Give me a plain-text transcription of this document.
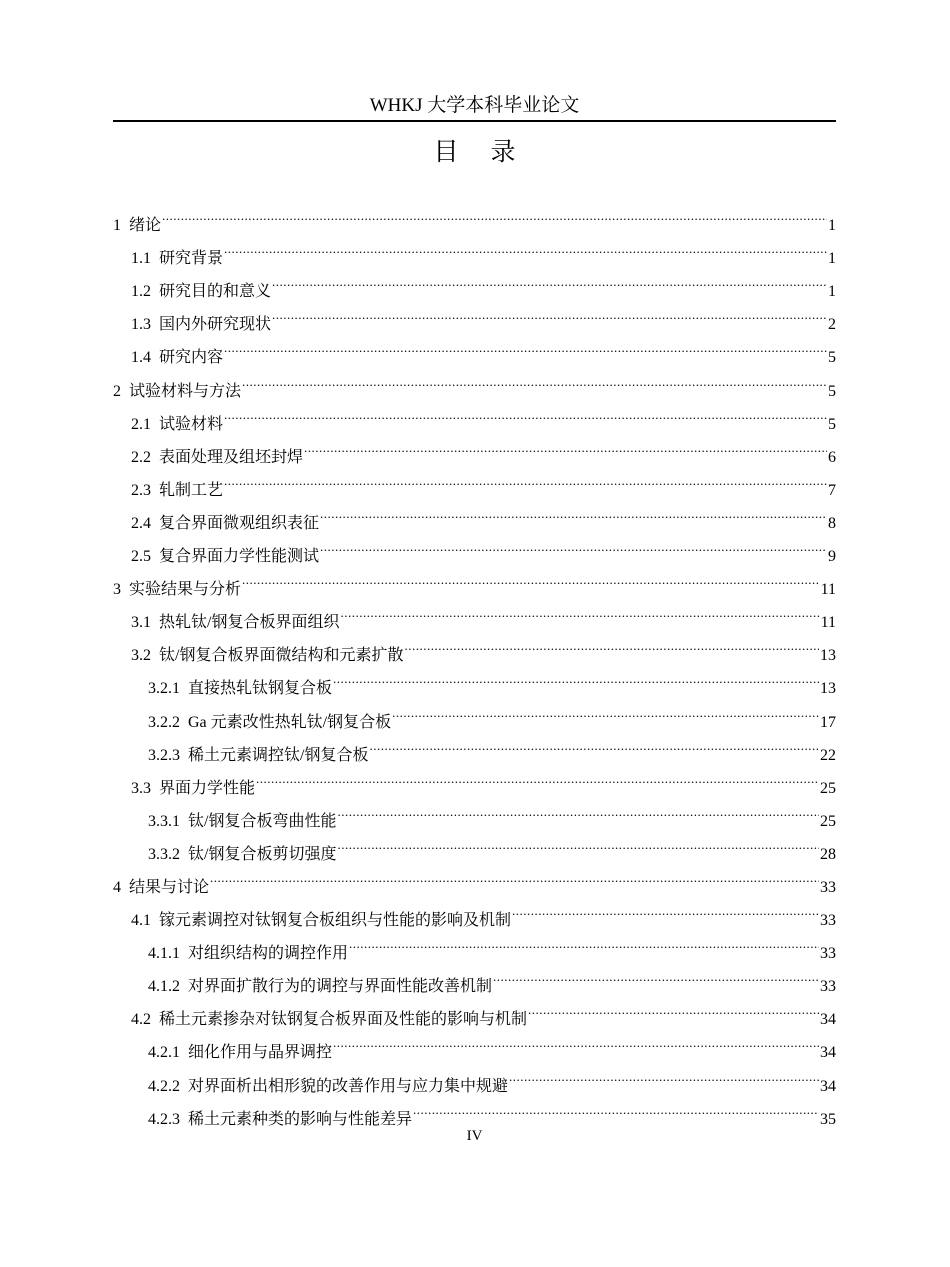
WHKJ 大学本科毕业论文
目 录
1 绪论 .....	1
1.1 研究背景 .....	1
1.2 研究目的和意义 .....	1
1.3 国内外研究现状 .....	2
1.4 研究内容 .....	5
2 试验材料与方法 .....	5
2.1 试验材料 .....	5
2.2 表面处理及组坯封焊 .....	6
2.3 轧制工艺 .....	7
2.4 复合界面微观组织表征 .....	8
2.5 复合界面力学性能测试 .....	9
3 实验结果与分析 .....	11
3.1 热轧钛/钢复合板界面组织 .....	11
3.2 钛/钢复合板界面微结构和元素扩散 .....	13
3.2.1 直接热轧钛钢复合板 .....	13
3.2.2 Ga 元素改性热轧钛/钢复合板 .....	17
3.2.3 稀土元素调控钛/钢复合板 .....	22
3.3 界面力学性能 .....	25
3.3.1 钛/钢复合板弯曲性能 .....	25
3.3.2 钛/钢复合板剪切强度 .....	28
4 结果与讨论 .....	33
4.1 镓元素调控对钛钢复合板组织与性能的影响及机制 .....	33
4.1.1 对组织结构的调控作用 .....	33
4.1.2 对界面扩散行为的调控与界面性能改善机制 .....	33
4.2 稀土元素掺杂对钛钢复合板界面及性能的影响与机制 .....	34
4.2.1 细化作用与晶界调控 .....	34
4.2.2 对界面析出相形貌的改善作用与应力集中规避 .....	34
4.2.3 稀土元素种类的影响与性能差异 .....	35
IV
